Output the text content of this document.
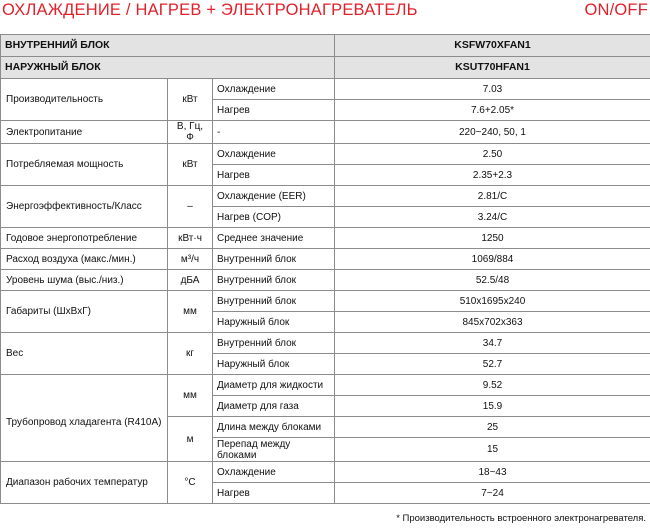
ОХЛАЖДЕНИЕ / НАГРЕВ + ЭЛЕКТРОНАГРЕВАТЕЛЬ	ON/OFF
ВНУТРЕННИЙ БЛОК			KSFW70XFAN1
НАРУЖНЫЙ БЛОК			KSUT70HFAN1
Производительность	кВт	Охлаждение	7.03
		Нагрев	7.6+2.05*
Электропитание	В, Гц, Ф	-	220~240, 50, 1
Потребляемая мощность	кВт	Охлаждение	2.50
		Нагрев	2.35+2.3
Энергоэффективность/Класс	–	Охлаждение (EER)	2.81/C
		Нагрев (COP)	3.24/C
Годовое энергопотребление	кВт·ч	Среднее значение	1250
Расход воздуха (макс./мин.)	м³/ч	Внутренний блок	1069/884
Уровень шума (выс./низ.)	дБА	Внутренний блок	52.5/48
Габариты (ШхВхГ)	мм	Внутренний блок	510x1695x240
		Наружный блок	845x702x363
Вес	кг	Внутренний блок	34.7
		Наружный блок	52.7
Трубопровод хладагента (R410A)	мм	Диаметр для жидкости	9.52
		Диаметр для газа	15.9
	м	Длина между блоками	25
		Перепад между блоками	15
Диапазон рабочих температур	°C	Охлаждение	18~43
		Нагрев	7~24
* Производительность встроенного электронагревателя.
